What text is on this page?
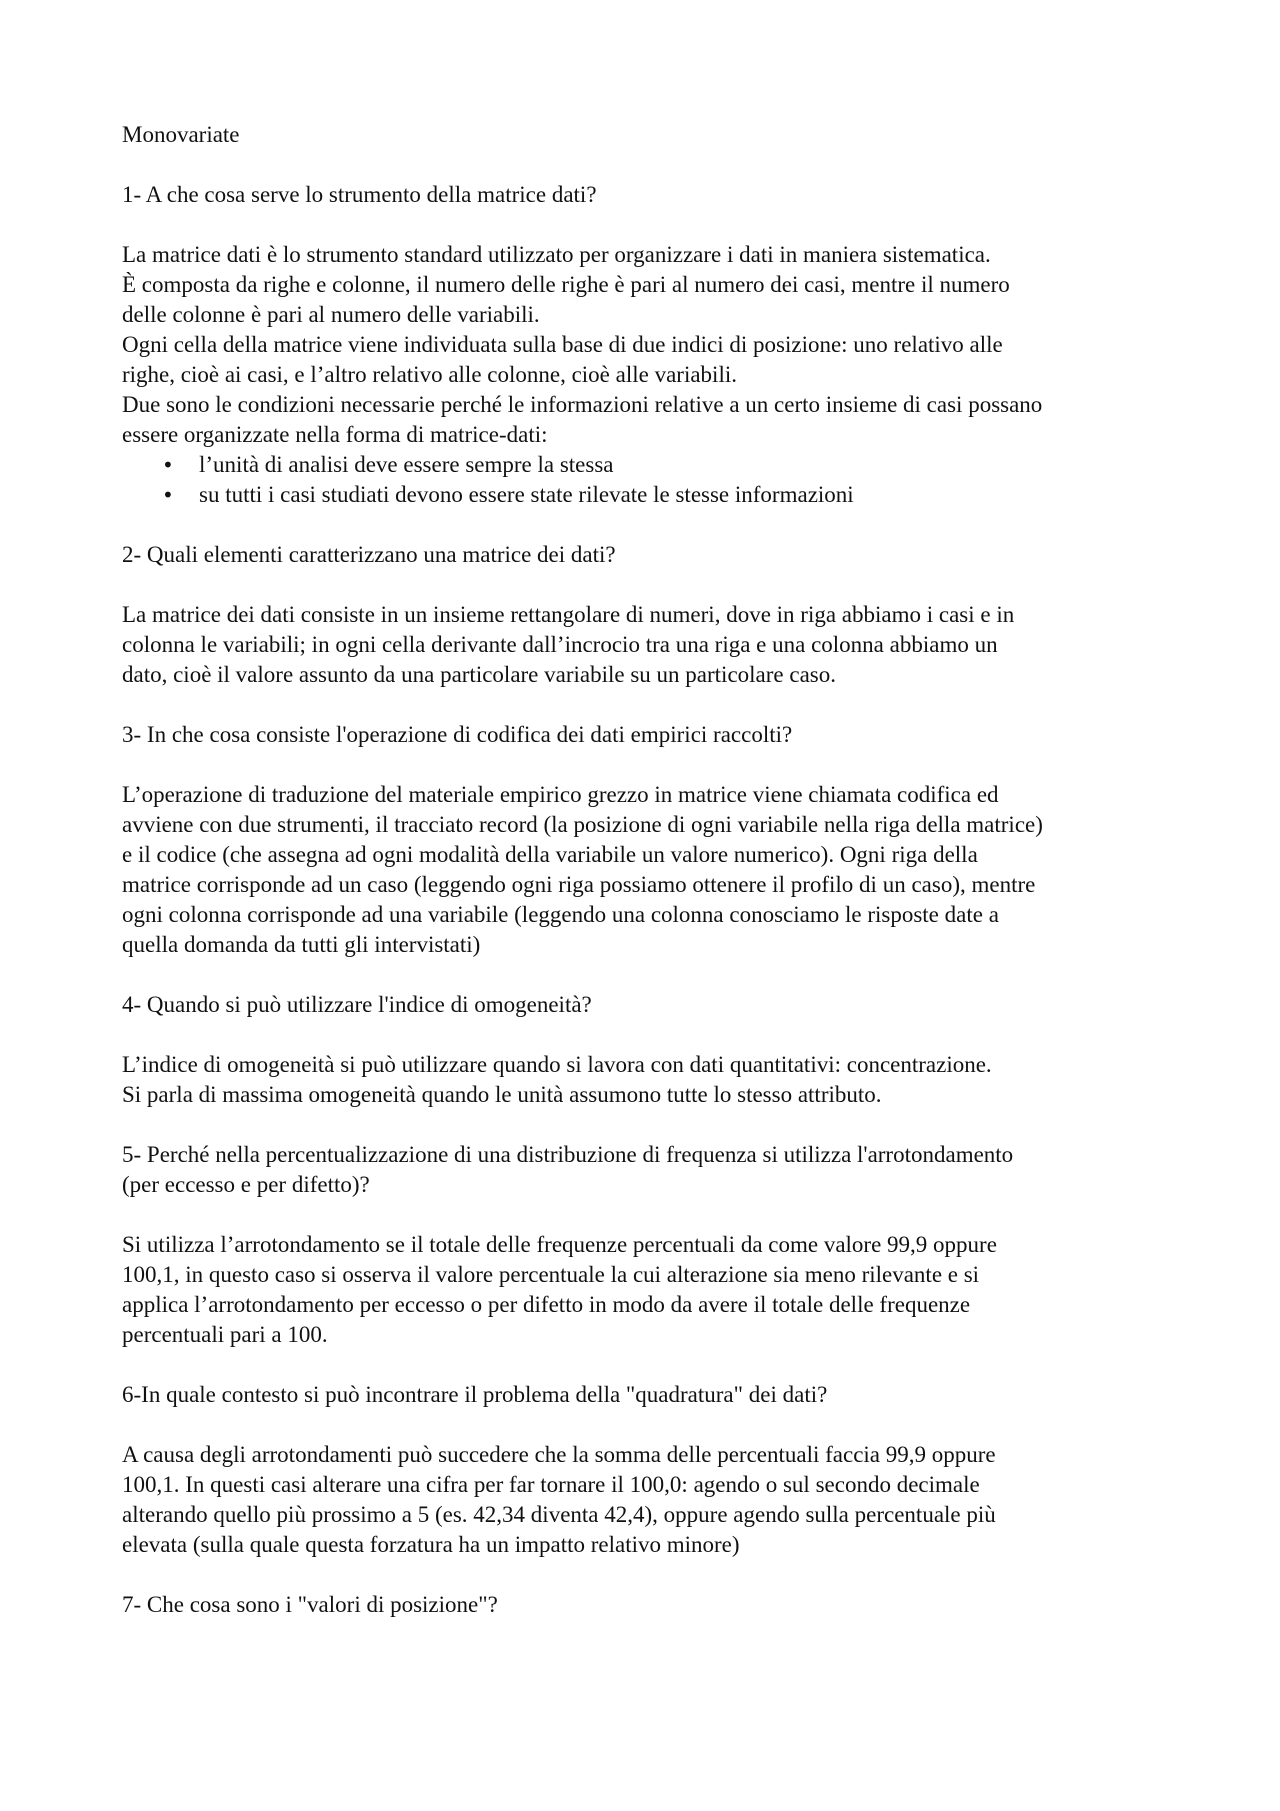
Monovariate
1- A che cosa serve lo strumento della matrice dati?
La matrice dati è lo strumento standard utilizzato per organizzare i dati in maniera sistematica.
È composta da righe e colonne, il numero delle righe è pari al numero dei casi, mentre il numero
delle colonne è pari al numero delle variabili.
Ogni cella della matrice viene individuata sulla base di due indici di posizione: uno relativo alle
righe, cioè ai casi, e l’altro relativo alle colonne, cioè alle variabili.
Due sono le condizioni necessarie perché le informazioni relative a un certo insieme di casi possano
essere organizzate nella forma di matrice-dati:
• l’unità di analisi deve essere sempre la stessa
• su tutti i casi studiati devono essere state rilevate le stesse informazioni
2- Quali elementi caratterizzano una matrice dei dati?
La matrice dei dati consiste in un insieme rettangolare di numeri, dove in riga abbiamo i casi e in
colonna le variabili; in ogni cella derivante dall’incrocio tra una riga e una colonna abbiamo un
dato, cioè il valore assunto da una particolare variabile su un particolare caso.
3- In che cosa consiste l'operazione di codifica dei dati empirici raccolti?
L’operazione di traduzione del materiale empirico grezzo in matrice viene chiamata codifica ed
avviene con due strumenti, il tracciato record (la posizione di ogni variabile nella riga della matrice)
e il codice (che assegna ad ogni modalità della variabile un valore numerico). Ogni riga della
matrice corrisponde ad un caso (leggendo ogni riga possiamo ottenere il profilo di un caso), mentre
ogni colonna corrisponde ad una variabile (leggendo una colonna conosciamo le risposte date a
quella domanda da tutti gli intervistati)
4- Quando si può utilizzare l'indice di omogeneità?
L’indice di omogeneità si può utilizzare quando si lavora con dati quantitativi: concentrazione.
Si parla di massima omogeneità quando le unità assumono tutte lo stesso attributo.
5- Perché nella percentualizzazione di una distribuzione di frequenza si utilizza l'arrotondamento
(per eccesso e per difetto)?
Si utilizza l’arrotondamento se il totale delle frequenze percentuali da come valore 99,9 oppure
100,1, in questo caso si osserva il valore percentuale la cui alterazione sia meno rilevante e si
applica l’arrotondamento per eccesso o per difetto in modo da avere il totale delle frequenze
percentuali pari a 100.
6-In quale contesto si può incontrare il problema della "quadratura" dei dati?
A causa degli arrotondamenti può succedere che la somma delle percentuali faccia 99,9 oppure
100,1. In questi casi alterare una cifra per far tornare il 100,0: agendo o sul secondo decimale
alterando quello più prossimo a 5 (es. 42,34 diventa 42,4), oppure agendo sulla percentuale più
elevata (sulla quale questa forzatura ha un impatto relativo minore)
7- Che cosa sono i "valori di posizione"?
